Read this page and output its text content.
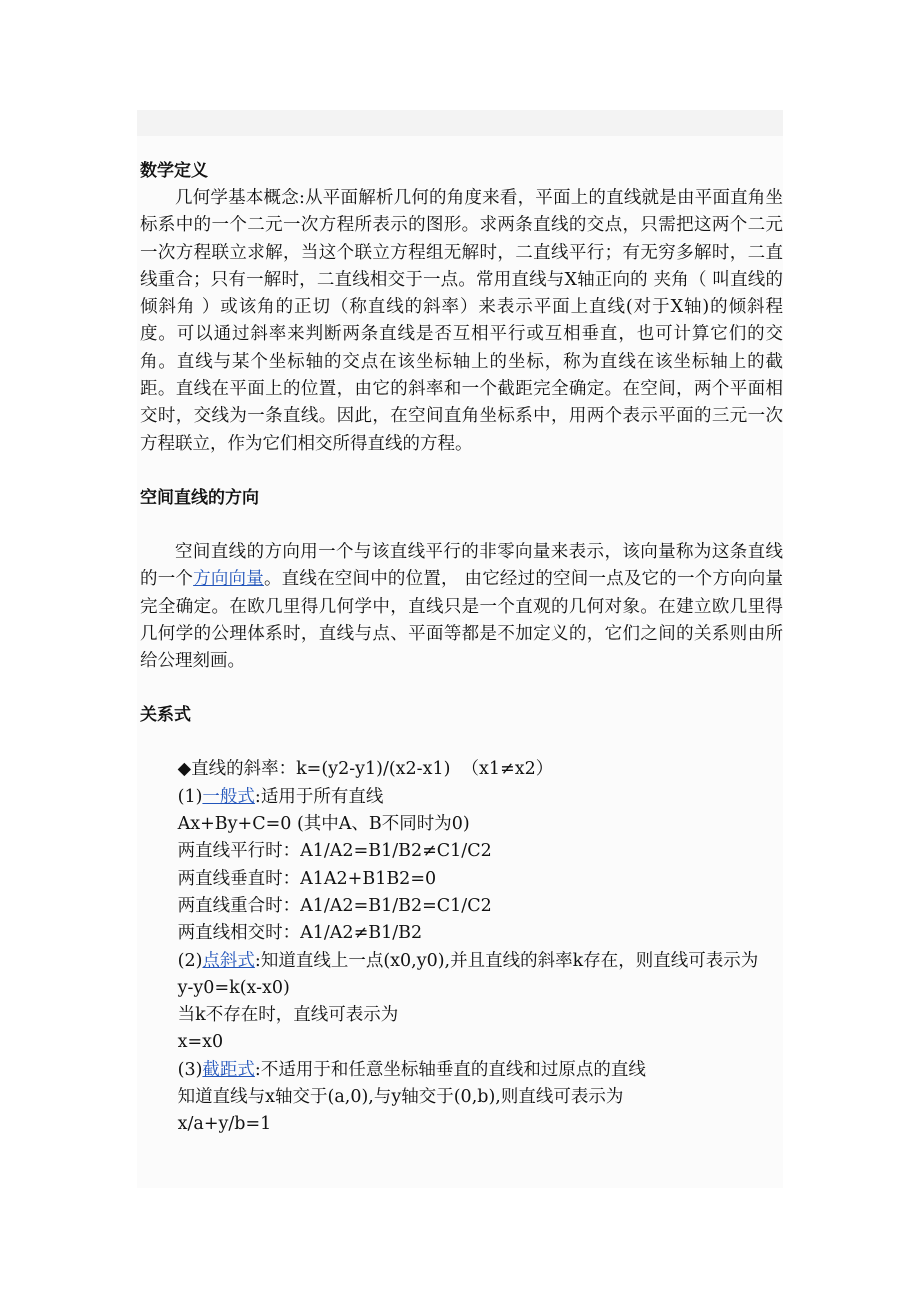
数学定义

几何学基本概念:从平面解析几何的角度来看，平面上的直线就是由平面直角坐标系中的一个二元一次方程所表示的图形。求两条直线的交点，只需把这两个二元一次方程联立求解，当这个联立方程组无解时，二直线平行；有无穷多解时，二直线重合；只有一解时，二直线相交于一点。常用直线与X轴正向的 夹角（ 叫直线的倾斜角 ）或该角的正切（称直线的斜率）来表示平面上直线(对于X轴)的倾斜程度。可以通过斜率来判断两条直线是否互相平行或互相垂直，也可计算它们的交角。直线与某个坐标轴的交点在该坐标轴上的坐标，称为直线在该坐标轴上的截距。直线在平面上的位置，由它的斜率和一个截距完全确定。在空间，两个平面相交时，交线为一条直线。因此，在空间直角坐标系中，用两个表示平面的三元一次方程联立，作为它们相交所得直线的方程。

空间直线的方向

空间直线的方向用一个与该直线平行的非零向量来表示，该向量称为这条直线的一个方向向量。直线在空间中的位置， 由它经过的空间一点及它的一个方向向量完全确定。在欧几里得几何学中，直线只是一个直观的几何对象。在建立欧几里得几何学的公理体系时，直线与点、平面等都是不加定义的，它们之间的关系则由所给公理刻画。

关系式

◆直线的斜率：k=(y2-y1)/(x2-x1)  （x1≠x2）

(1)一般式:适用于所有直线

Ax+By+C=0 (其中A、B不同时为0)

两直线平行时：A1/A2=B1/B2≠C1/C2

两直线垂直时：A1A2+B1B2=0

两直线重合时：A1/A2=B1/B2=C1/C2

两直线相交时：A1/A2≠B1/B2

(2)点斜式:知道直线上一点(x0,y0),并且直线的斜率k存在，则直线可表示为

y-y0=k(x-x0)

当k不存在时，直线可表示为

x=x0

(3)截距式:不适用于和任意坐标轴垂直的直线和过原点的直线

知道直线与x轴交于(a,0),与y轴交于(0,b),则直线可表示为

x/a+y/b=1
